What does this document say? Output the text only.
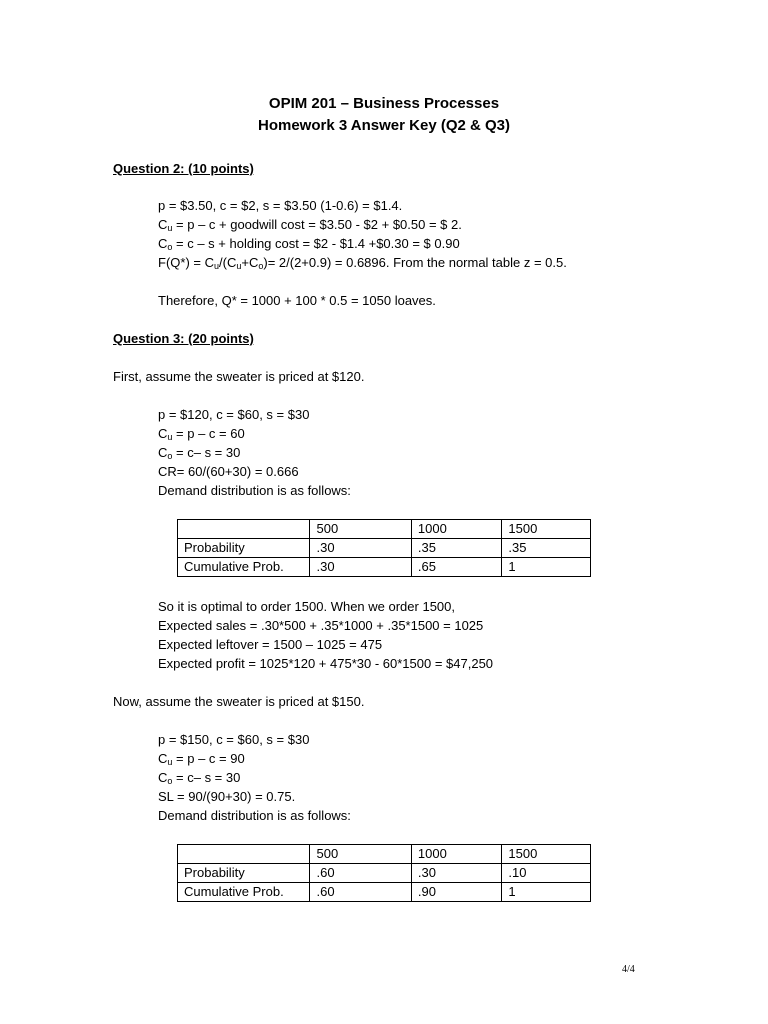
OPIM 201 – Business Processes
Homework 3 Answer Key (Q2 & Q3)
Question 2: (10 points)
p = $3.50, c = $2, s = $3.50 (1-0.6) = $1.4.
$C_u = p - c$ + goodwill cost = $3.50 - $2 + $0.50 = $ 2.
$C_o = c - s$ + holding cost = $2 - $1.4 +$0.30 = $ 0.90
$F(Q*) = C_u/(C_u+C_o)= 2/(2+0.9) = 0.6896$. From the normal table z = 0.5.
Therefore, Q* = 1000 + 100 * 0.5 = 1050 loaves.
Question 3: (20 points)
First, assume the sweater is priced at $120.
p = $120, c = $60, s = $30
$C_u = p - c = 60$
$C_o = c-$ s = 30
CR= 60/(60+30) = 0.666
Demand distribution is as follows:
	500	1000	1500
Probability	.30	.35	.35
Cumulative Prob.	.30	.65	1
So it is optimal to order 1500. When we order 1500,
Expected sales = .30*500 + .35*1000 + .35*1500 = 1025
Expected leftover = 1500 – 1025 = 475
Expected profit = 1025*120 + 475*30 - 60*1500 = $47,250
Now, assume the sweater is priced at $150.
p = $150, c = $60, s = $30
$C_u = p - c = 90$
$C_o = c-$ s = 30
SL = 90/(90+30) = 0.75.
Demand distribution is as follows:
	500	1000	1500
Probability	.60	.30	.10
Cumulative Prob.	.60	.90	1
4/4
